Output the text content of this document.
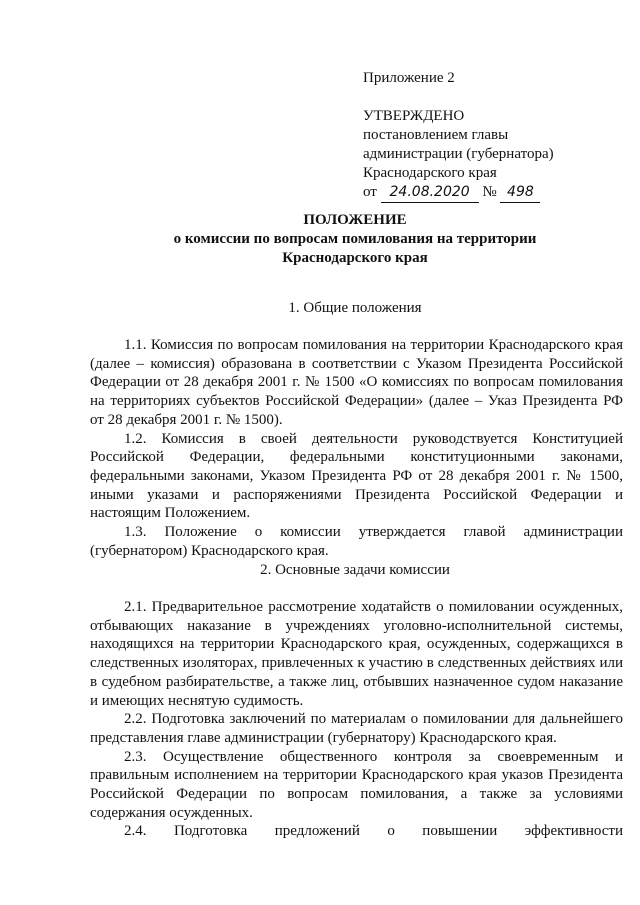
Приложение 2
УТВЕРЖДЕНО
постановлением главы
администрации (губернатора)
Краснодарского края
от 24.08.2020 № 498
ПОЛОЖЕНИЕ
о комиссии по вопросам помилования на территории
Краснодарского края
1. Общие положения

1.1. Комиссия по вопросам помилования на территории Краснодарского края (далее – комиссия) образована в соответствии с Указом Президента Российской Федерации от 28 декабря 2001 г. № 1500 «О комиссиях по вопросам помилования на территориях субъектов Российской Федерации» (далее – Указ Президента РФ от 28 декабря 2001 г. № 1500).

1.2. Комиссия в своей деятельности руководствуется Конституцией Российской Федерации, федеральными конституционными законами, федеральными законами, Указом Президента РФ от 28 декабря 2001 г. № 1500, иными указами и распоряжениями Президента Российской Федерации и настоящим Положением.

1.3. Положение о комиссии утверждается главой администрации (губернатором) Краснодарского края.

2. Основные задачи комиссии

2.1. Предварительное рассмотрение ходатайств о помиловании осужденных, отбывающих наказание в учреждениях уголовно-исполнительной системы, находящихся на территории Краснодарского края, осужденных, содержащихся в следственных изоляторах, привлеченных к участию в следственных действиях или в судебном разбирательстве, а также лиц, отбывших назначенное судом наказание и имеющих неснятую судимость.

2.2. Подготовка заключений по материалам о помиловании для дальнейшего представления главе администрации (губернатору) Краснодарского края.

2.3. Осуществление общественного контроля за своевременным и правильным исполнением на территории Краснодарского края указов Президента Российской Федерации по вопросам помилования, а также за условиями содержания осужденных.

2.4. Подготовка предложений о повышении эффективности
